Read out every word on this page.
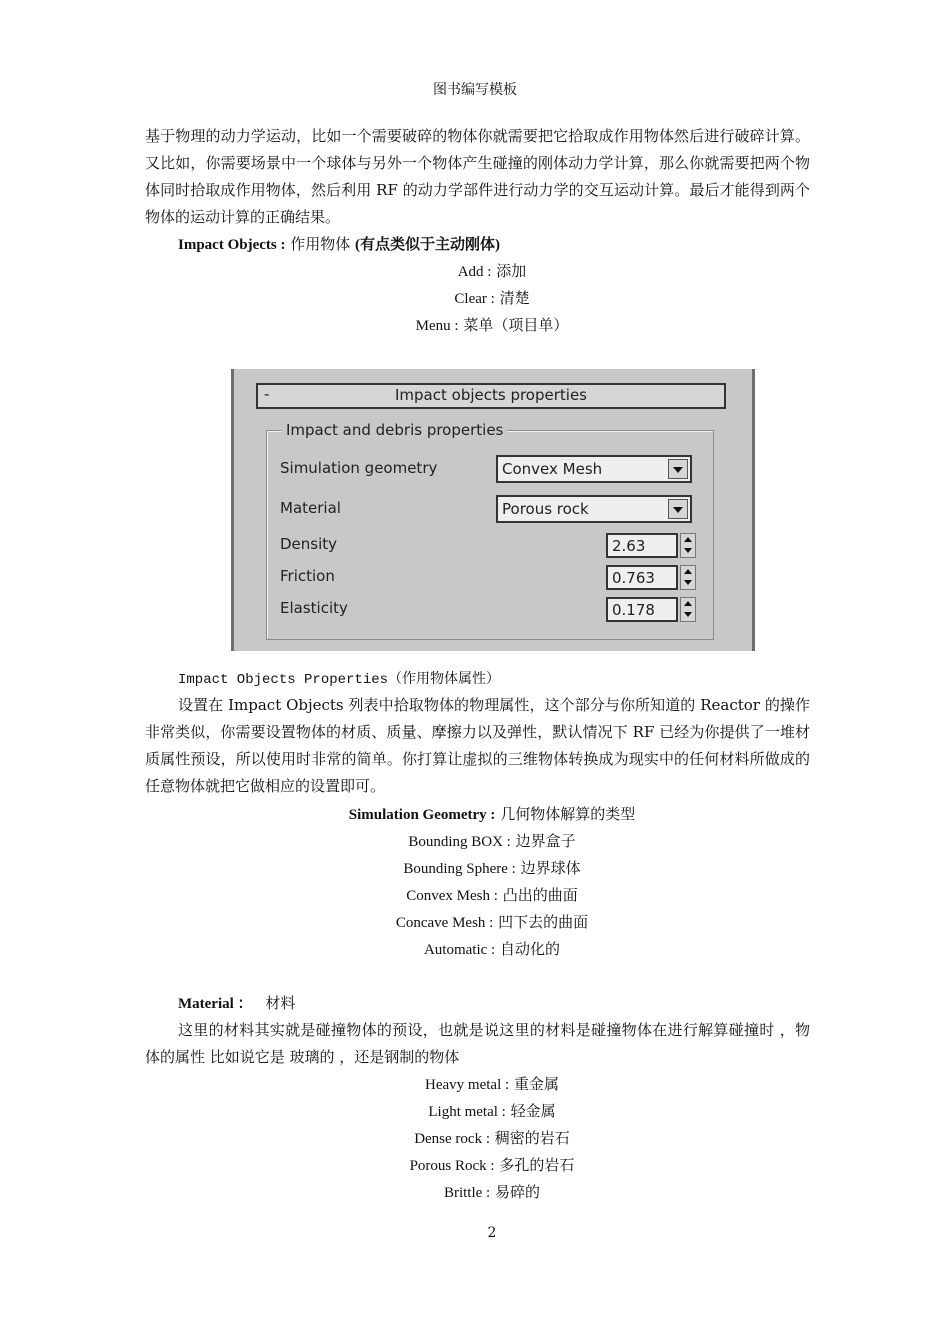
图书编写模板
基于物理的动力学运动，比如一个需要破碎的物体你就需要把它拾取成作用物体然后进行破碎计算。又比如，你需要场景中一个球体与另外一个物体产生碰撞的刚体动力学计算，那么你就需要把两个物体同时拾取成作用物体，然后利用 RF 的动力学部件进行动力学的交互运动计算。最后才能得到两个物体的运动计算的正确结果。
Impact Objects : 作用物体 (有点类似于主动刚体)
Add : 添加
Clear : 清楚
Menu : 菜单（项目单）
-	Impact objects properties
Impact and debris properties
Simulation geometry	Convex Mesh
Material	Porous rock
Density	2.63
Friction	0.763
Elasticity	0.178
Impact Objects Properties（作用物体属性）
设置在 Impact Objects 列表中拾取物体的物理属性，这个部分与你所知道的 Reactor 的操作非常类似，你需要设置物体的材质、质量、摩擦力以及弹性，默认情况下 RF 已经为你提供了一堆材质属性预设，所以使用时非常的简单。你打算让虚拟的三维物体转换成为现实中的任何材料所做成的任意物体就把它做相应的设置即可。
Simulation Geometry : 几何物体解算的类型
Bounding BOX : 边界盒子
Bounding Sphere : 边界球体
Convex Mesh : 凸出的曲面
Concave Mesh : 凹下去的曲面
Automatic : 自动化的
Material ： 材料
这里的材料其实就是碰撞物体的预设，也就是说这里的材料是碰撞物体在进行解算碰撞时 ，物体的属性 比如说它是 玻璃的 ，还是钢制的物体
Heavy metal : 重金属
Light metal : 轻金属
Dense rock : 稠密的岩石
Porous Rock : 多孔的岩石
Brittle : 易碎的
2
